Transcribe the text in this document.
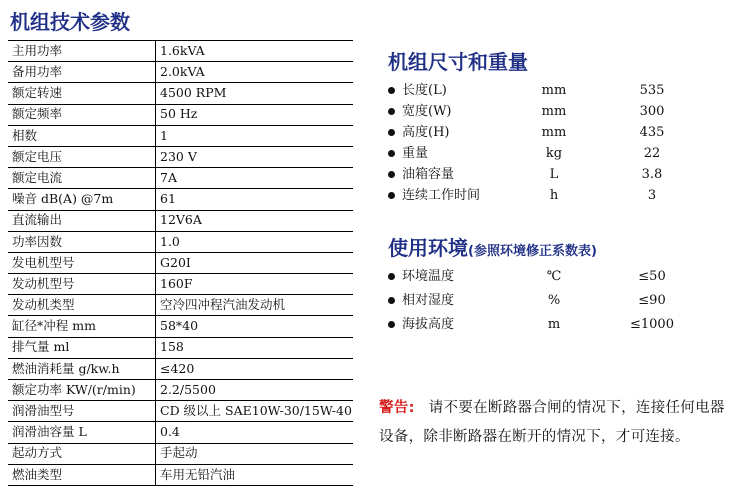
机组技术参数
主用功率	1.6kVA
备用功率	2.0kVA
额定转速	4500 RPM
额定频率	50 Hz
相数	1
额定电压	230 V
额定电流	7A
噪音 dB(A) @7m	61
直流输出	12V6A
功率因数	1.0
发电机型号	G20I
发动机型号	160F
发动机类型	空冷四冲程汽油发动机
缸径*冲程 mm	58*40
排气量 ml	158
燃油消耗量 g/kw.h	≤420
额定功率 KW/(r/min)	2.2/5500
润滑油型号	CD 级以上 SAE10W-30/15W-40
润滑油容量 L	0.4
起动方式	手起动
燃油类型	车用无铅汽油
机组尺寸和重量
长度(L)	mm	535
宽度(W)	mm	300
高度(H)	mm	435
重量	kg	22
油箱容量	L	3.8
连续工作时间	h	3
使用环境(参照环境修正系数表)
环境温度	℃	≤50
相对湿度	%	≤90
海拔高度	m	≤1000
警告: 请不要在断路器合闸的情况下，连接任何电器设备，除非断路器在断开的情况下，才可连接。
